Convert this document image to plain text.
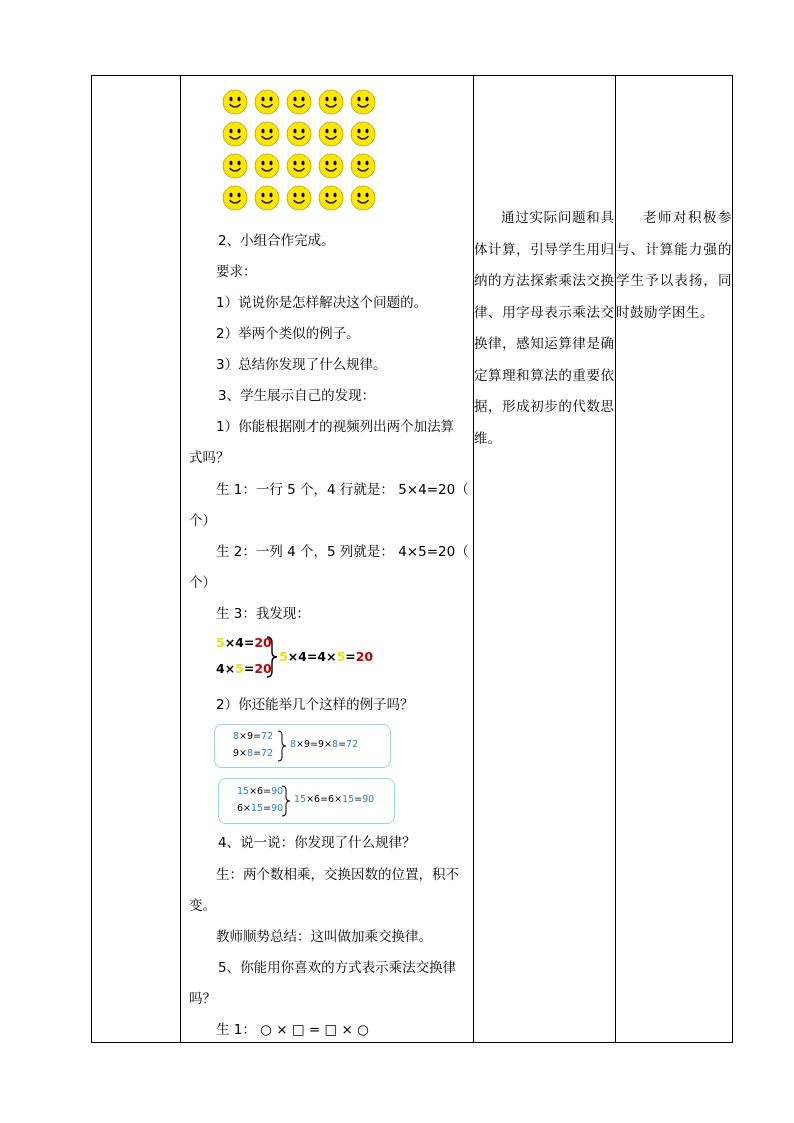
2、小组合作完成。
要求：
1）说说你是怎样解决这个问题的。
2）举两个类似的例子。
3）总结你发现了什么规律。
3、学生展示自己的发现：
1）你能根据刚才的视频列出两个加法算
式吗？
生 1：一行 5 个，4 行就是： 5×4=20（
个）
生 2：一列 4 个，5 列就是： 4×5=20（
个）
生 3：我发现：
5×4=20
4×5=20
5×4=4×5=20
2）你还能举几个这样的例子吗？
8×9=72
9×8=72
8×9=9×8=72
15×6=90
6×15=90
15×6=6×15=90
4、说一说：你发现了什么规律？
生：两个数相乘，交换因数的位置，积不
变。
教师顺势总结：这叫做加乘交换律。
5、你能用你喜欢的方式表示乘法交换律
吗？
生 1： ○ × □ = □ × ○
通过实际问题和具体计算，引导学生用归纳的方法探索乘法交换律、用字母表示乘法交换律，感知运算律是确定算理和算法的重要依据，形成初步的代数思维。
老师对积极参与、计算能力强的学生予以表扬，同时鼓励学困生。
